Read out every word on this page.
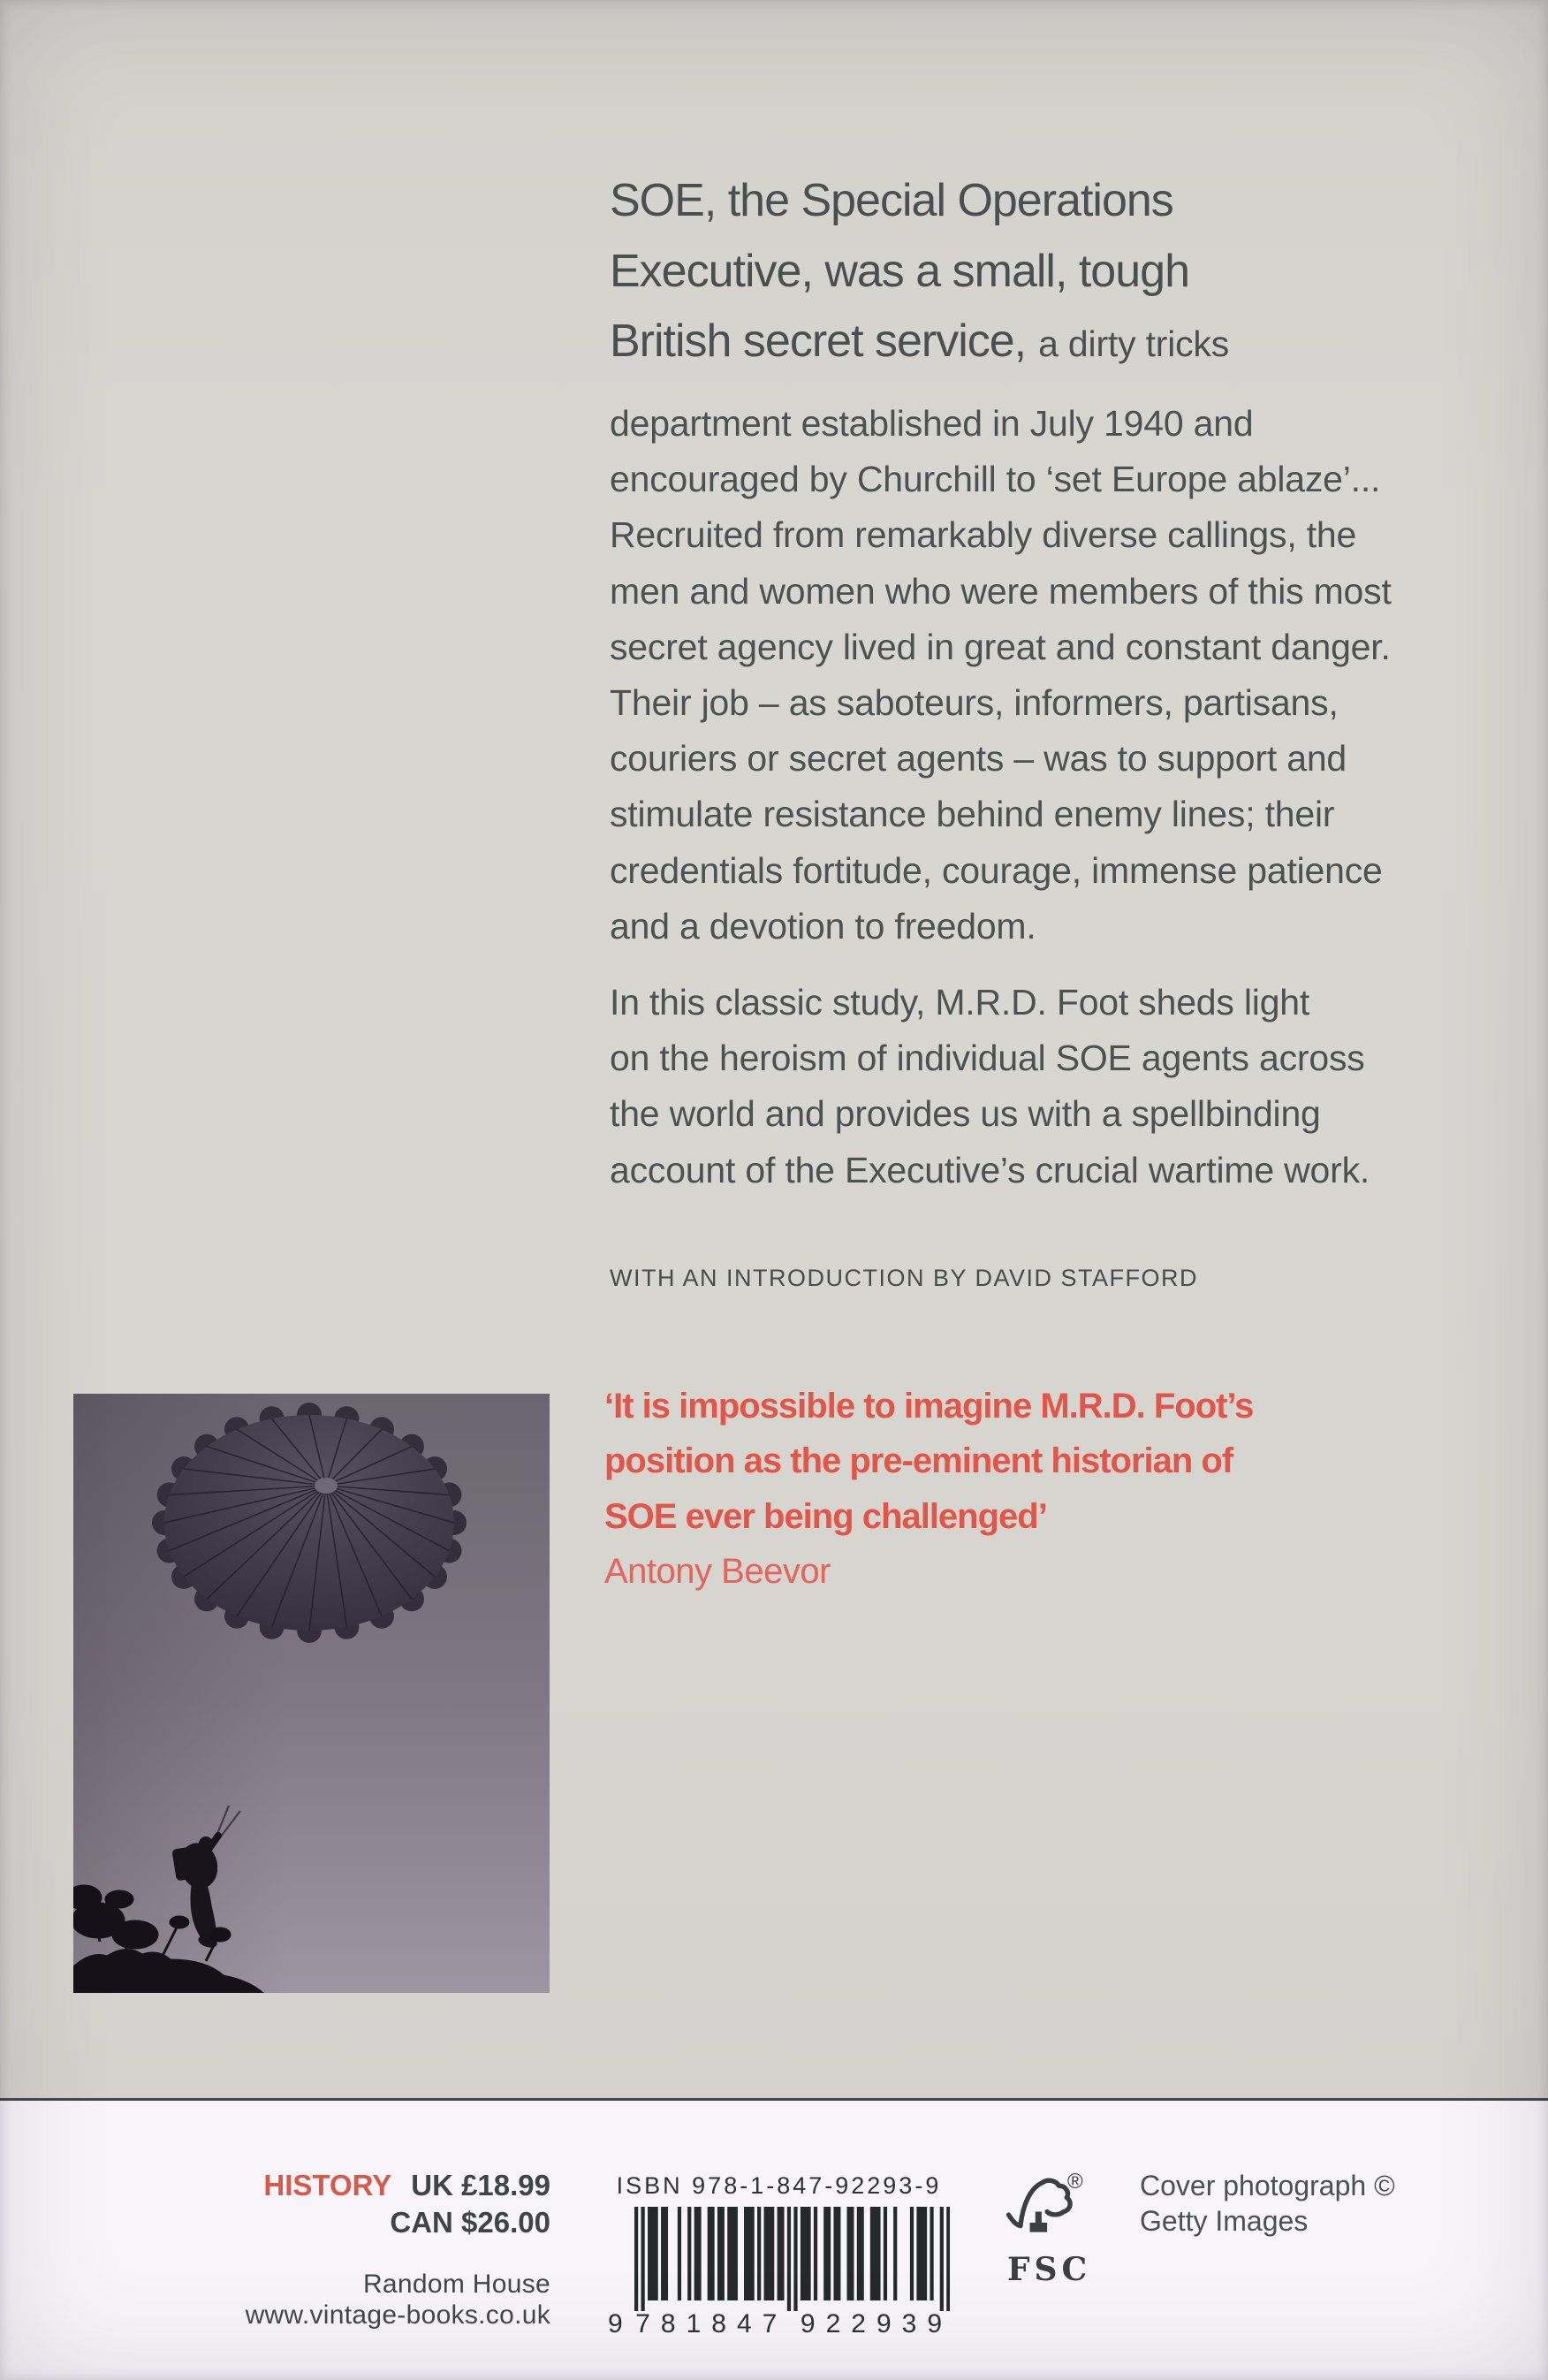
SOE, the Special Operations
Executive, was a small, tough
British secret service, a dirty tricks
department established in July 1940 and
encouraged by Churchill to ‘set Europe ablaze’...
Recruited from remarkably diverse callings, the
men and women who were members of this most
secret agency lived in great and constant danger.
Their job – as saboteurs, informers, partisans,
couriers or secret agents – was to support and
stimulate resistance behind enemy lines; their
credentials fortitude, courage, immense patience
and a devotion to freedom.
In this classic study, M.R.D. Foot sheds light
on the heroism of individual SOE agents across
the world and provides us with a spellbinding
account of the Executive’s crucial wartime work.
WITH AN INTRODUCTION BY DAVID STAFFORD
‘It is impossible to imagine M.R.D. Foot’s
position as the pre-eminent historian of
SOE ever being challenged’
Antony Beevor
HISTORY UK £18.99
CAN $26.00
Random House
www.vintage-books.co.uk
ISBN 978-1-847-92293-9
9 781847 922939
®
FSC
Cover photograph ©
Getty Images
